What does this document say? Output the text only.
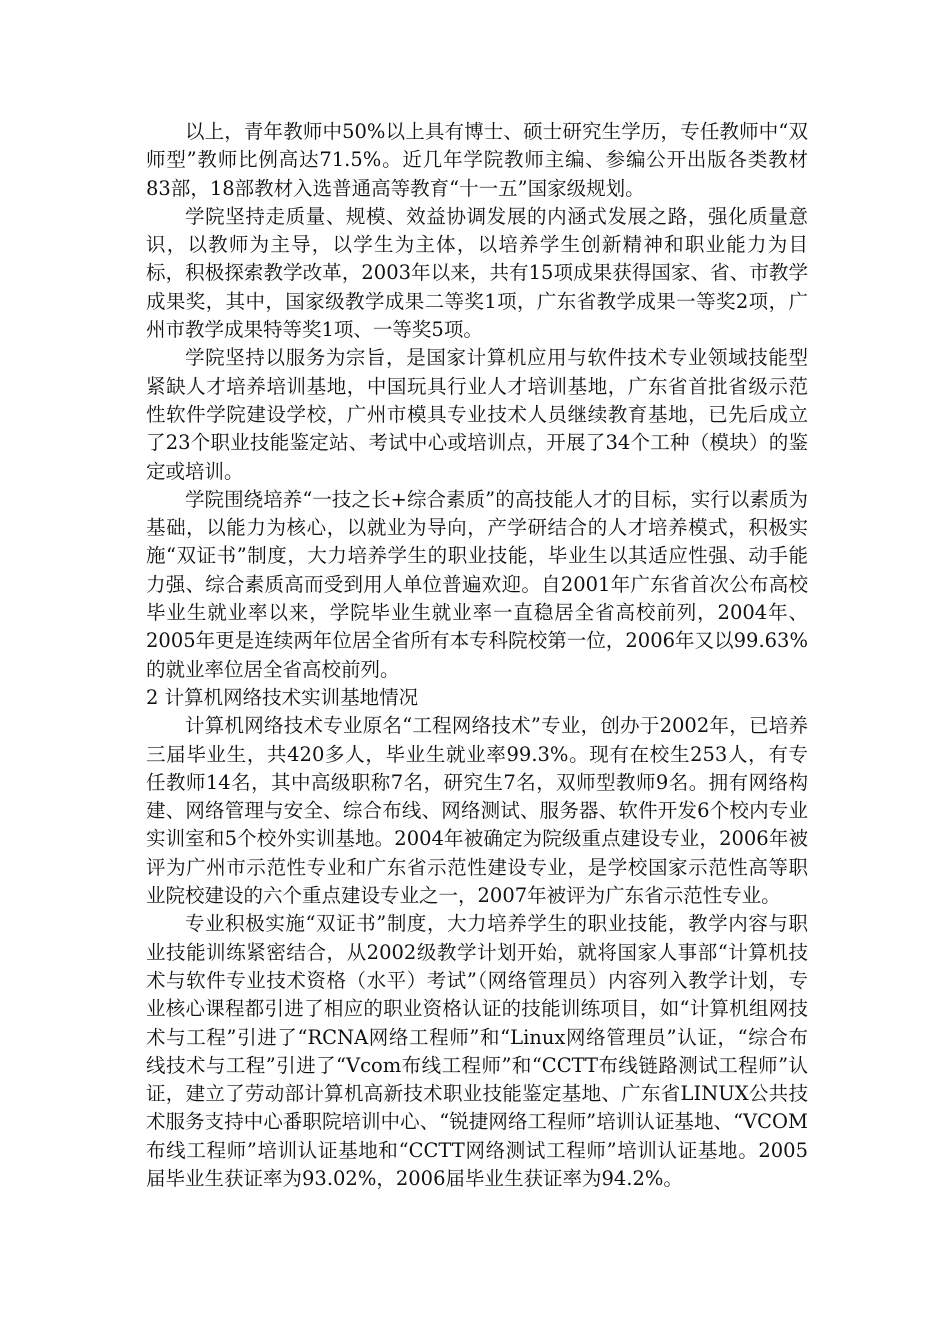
以上，青年教师中50%以上具有博士、硕士研究生学历，专任教师中“双师型”教师比例高达71.5%。近几年学院教师主编、参编公开出版各类教材83部，18部教材入选普通高等教育“十一五”国家级规划。

学院坚持走质量、规模、效益协调发展的内涵式发展之路，强化质量意识，以教师为主导，以学生为主体，以培养学生创新精神和职业能力为目标，积极探索教学改革，2003年以来，共有15项成果获得国家、省、市教学成果奖，其中，国家级教学成果二等奖1项，广东省教学成果一等奖2项，广州市教学成果特等奖1项、一等奖5项。

学院坚持以服务为宗旨，是国家计算机应用与软件技术专业领域技能型紧缺人才培养培训基地，中国玩具行业人才培训基地，广东省首批省级示范性软件学院建设学校，广州市模具专业技术人员继续教育基地，已先后成立了23个职业技能鉴定站、考试中心或培训点，开展了34个工种（模块）的鉴定或培训。

学院围绕培养“一技之长+综合素质”的高技能人才的目标，实行以素质为基础，以能力为核心，以就业为导向，产学研结合的人才培养模式，积极实施“双证书”制度，大力培养学生的职业技能，毕业生以其适应性强、动手能力强、综合素质高而受到用人单位普遍欢迎。自2001年广东省首次公布高校毕业生就业率以来，学院毕业生就业率一直稳居全省高校前列，2004年、2005年更是连续两年位居全省所有本专科院校第一位，2006年又以99.63%的就业率位居全省高校前列。

2 计算机网络技术实训基地情况

计算机网络技术专业原名“工程网络技术”专业，创办于2002年，已培养三届毕业生，共420多人，毕业生就业率99.3%。现有在校生253人，有专任教师14名，其中高级职称7名，研究生7名，双师型教师9名。拥有网络构建、网络管理与安全、综合布线、网络测试、服务器、软件开发6个校内专业实训室和5个校外实训基地。2004年被确定为院级重点建设专业，2006年被评为广州市示范性专业和广东省示范性建设专业，是学校国家示范性高等职业院校建设的六个重点建设专业之一，2007年被评为广东省示范性专业。

专业积极实施“双证书”制度，大力培养学生的职业技能，教学内容与职业技能训练紧密结合，从2002级教学计划开始，就将国家人事部“计算机技术与软件专业技术资格（水平）考试”（网络管理员）内容列入教学计划，专业核心课程都引进了相应的职业资格认证的技能训练项目，如“计算机组网技术与工程”引进了“RCNA网络工程师”和“Linux网络管理员”认证，“综合布线技术与工程”引进了“Vcom布线工程师”和“CCTT布线链路测试工程师”认证，建立了劳动部计算机高新技术职业技能鉴定基地、广东省LINUX公共技术服务支持中心番职院培训中心、“锐捷网络工程师”培训认证基地、“VCOM布线工程师”培训认证基地和“CCTT网络测试工程师”培训认证基地。2005届毕业生获证率为93.02%，2006届毕业生获证率为94.2%。
